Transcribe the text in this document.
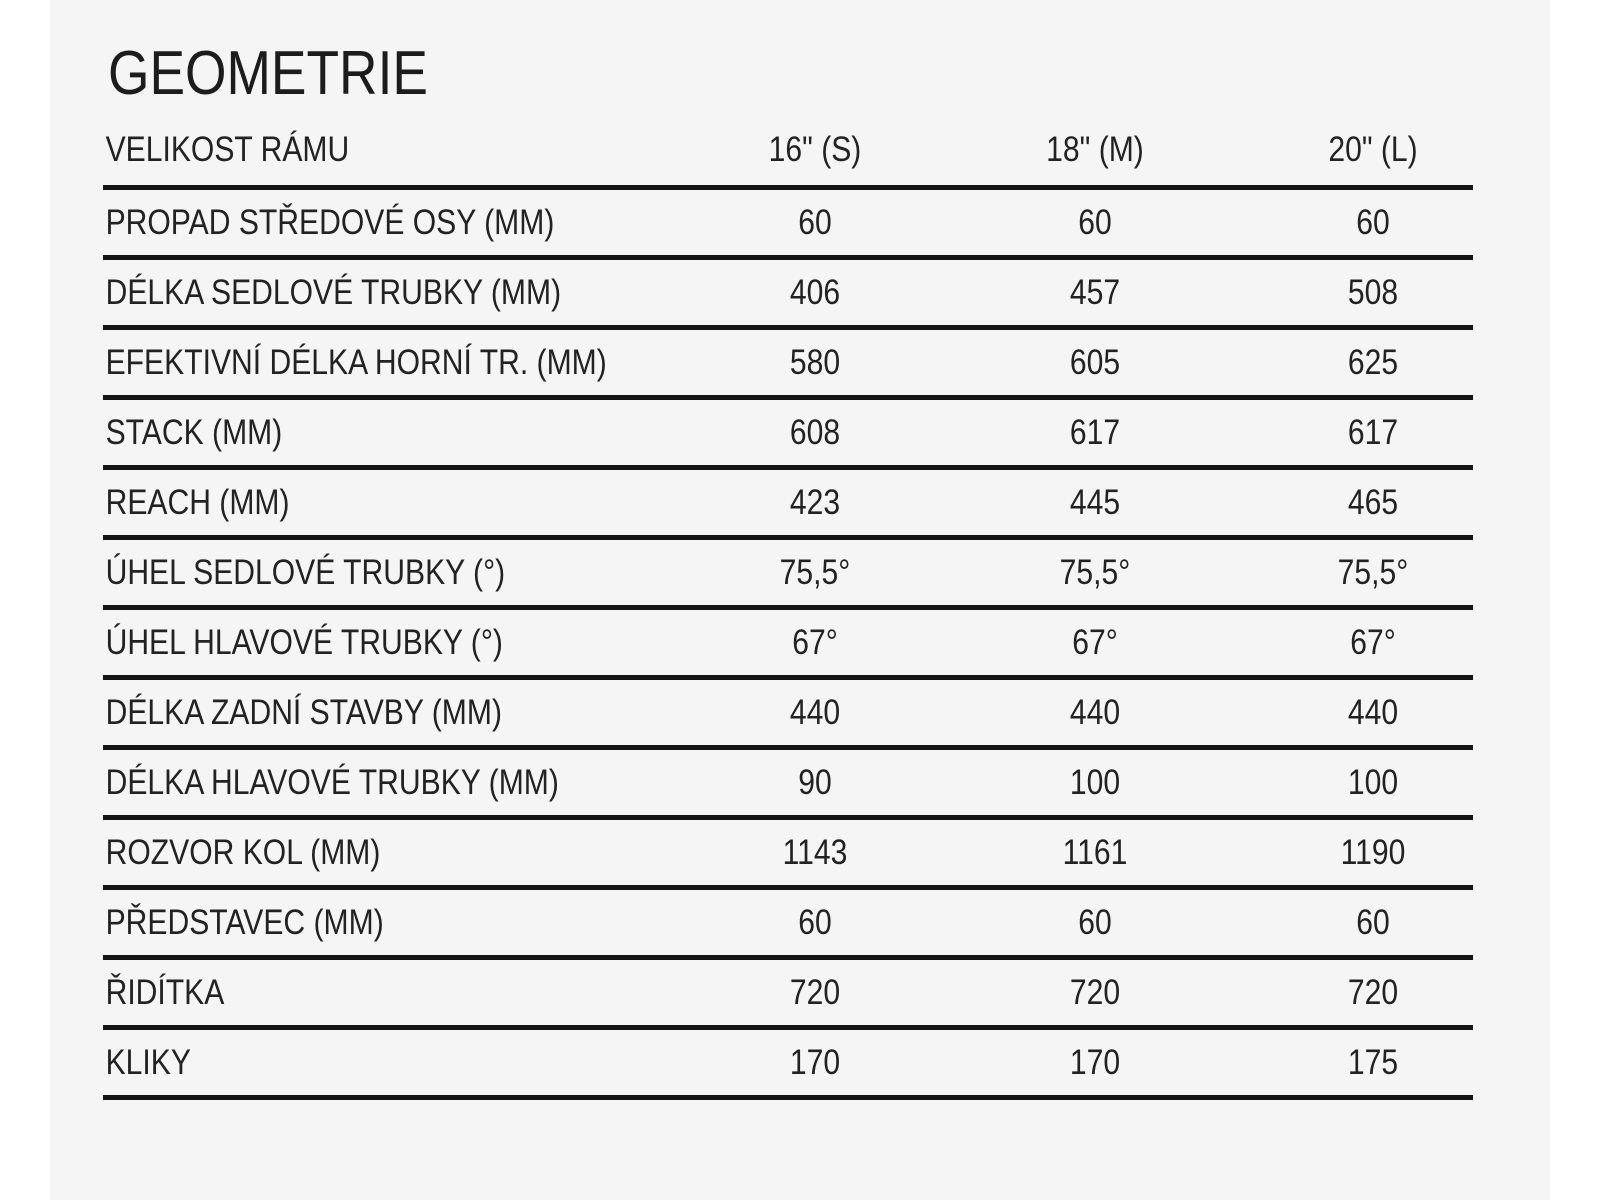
GEOMETRIE
VELIKOST RÁMU	16" (S)	18" (M)	20" (L)
PROPAD STŘEDOVÉ OSY (MM)	60	60	60
DÉLKA SEDLOVÉ TRUBKY (MM)	406	457	508
EFEKTIVNÍ DÉLKA HORNÍ TR. (MM)	580	605	625
STACK (MM)	608	617	617
REACH (MM)	423	445	465
ÚHEL SEDLOVÉ TRUBKY (°)	75,5°	75,5°	75,5°
ÚHEL HLAVOVÉ TRUBKY (°)	67°	67°	67°
DÉLKA ZADNÍ STAVBY (MM)	440	440	440
DÉLKA HLAVOVÉ TRUBKY (MM)	90	100	100
ROZVOR KOL (MM)	1143	1161	1190
PŘEDSTAVEC (MM)	60	60	60
ŘIDÍTKA	720	720	720
KLIKY	170	170	175
